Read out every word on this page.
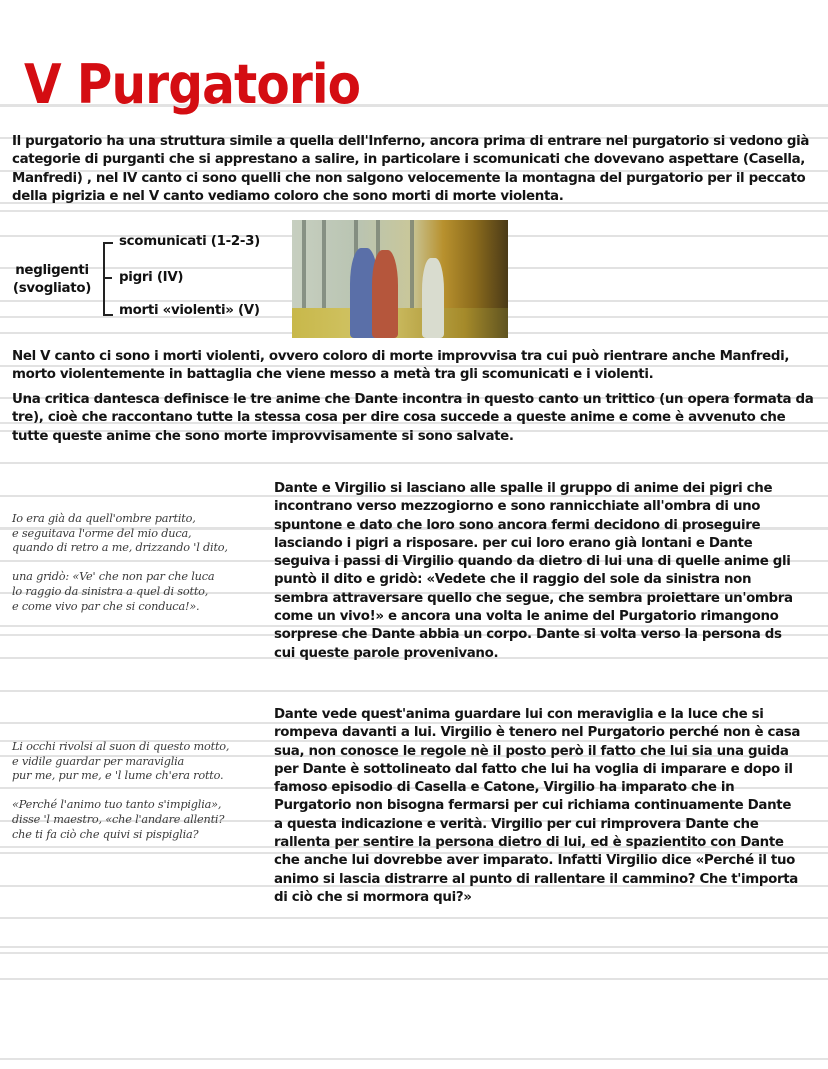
V Purgatorio

Il purgatorio ha una struttura simile a quella dell'Inferno, ancora prima di entrare nel purgatorio si vedono già categorie di purganti che si apprestano a salire, in particolare i scomunicati che dovevano aspettare (Casella, Manfredi) , nel IV canto ci sono quelli che non salgono velocemente la montagna del purgatorio per il peccato della pigrizia e nel V canto vediamo coloro che sono morti di morte violenta.

negligenti
(svogliato)
scomunicati (1-2-3)
pigri (IV)
morti «violenti» (V)

Nel V canto ci sono i morti violenti, ovvero coloro di morte improvvisa tra cui può rientrare anche Manfredi, morto violentemente in battaglia che viene messo a metà tra gli scomunicati e i violenti.

Una critica dantesca definisce le tre anime che Dante incontra in questo canto un trittico (un opera formata da tre), cioè che raccontano tutte la stessa cosa per dire cosa succede a queste anime e come è avvenuto che tutte queste anime che sono morte improvvisamente si sono salvate.

Io era già da quell'ombre partito,
e seguitava l'orme del mio duca,
quando di retro a me, drizzando 'l dito,
una gridò: «Ve' che non par che luca
lo raggio da sinistra a quel di sotto,
e come vivo par che si conduca!».

Dante e Virgilio si lasciano alle spalle il gruppo di anime dei pigri che incontrano verso mezzogiorno e sono rannicchiate all'ombra di uno spuntone e dato che loro sono ancora fermi decidono di proseguire lasciando i pigri a risposare. per cui loro erano già lontani e Dante seguiva i passi di Virgilio quando da dietro di lui una di quelle anime gli puntò il dito e gridò: «Vedete che il raggio del sole da sinistra non sembra attraversare quello che segue, che sembra proiettare un'ombra come un vivo!» e ancora una volta le anime del Purgatorio rimangono sorprese che Dante abbia un corpo. Dante si volta verso la persona ds cui queste parole provenivano.

Li occhi rivolsi al suon di questo motto,
e vidile guardar per maraviglia
pur me, pur me, e 'l lume ch'era rotto.
«Perché l'animo tuo tanto s'impiglia»,
disse 'l maestro, «che l'andare allenti?
che ti fa ciò che quivi si pispiglia?

Dante vede quest'anima guardare lui con meraviglia e la luce che si rompeva davanti a lui. Virgilio è tenero nel Purgatorio perché non è casa sua, non conosce le regole nè il posto però il fatto che lui sia una guida per Dante è sottolineato dal fatto che lui ha voglia di imparare e dopo il famoso episodio di Casella e Catone, Virgilio ha imparato che in Purgatorio non bisogna fermarsi per cui richiama continuamente Dante a questa indicazione e verità. Virgilio per cui rimprovera Dante che rallenta per sentire la persona dietro di lui, ed è spazientito con Dante che anche lui dovrebbe aver imparato. Infatti Virgilio dice «Perché il tuo animo si lascia distrarre al punto di rallentare il cammino? Che t'importa di ciò che si mormora qui?»
